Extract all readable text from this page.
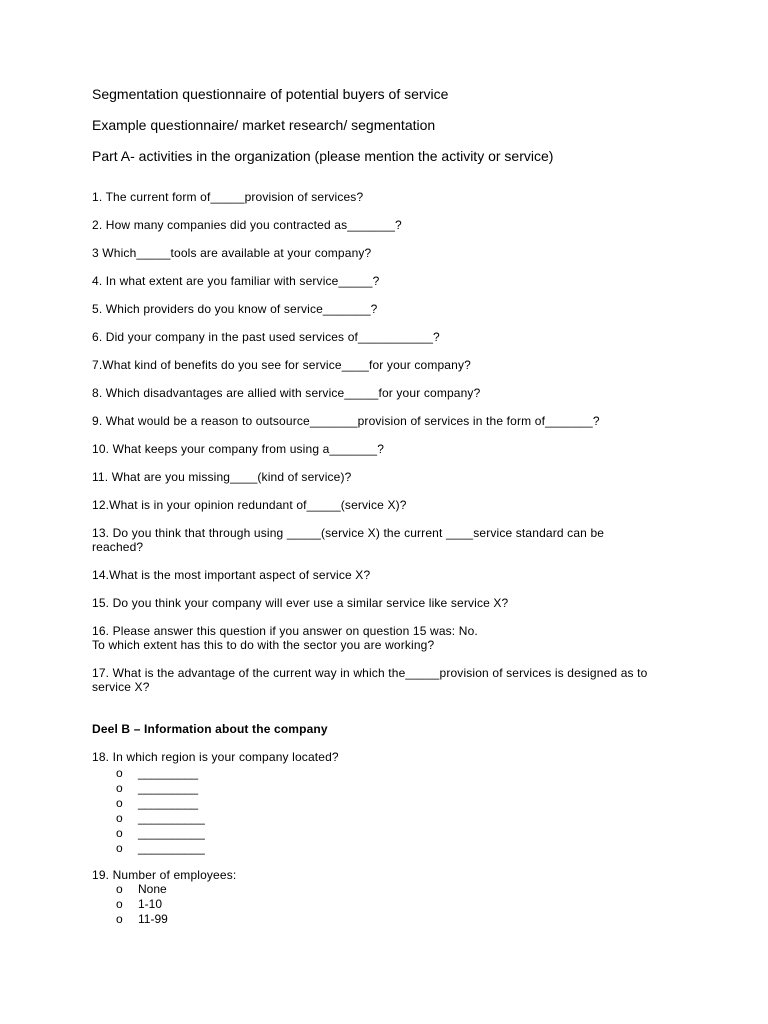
Segmentation questionnaire of potential buyers of service
Example questionnaire/ market research/ segmentation
Part A- activities in the organization (please mention the activity or service)
1. The current form of_____provision of services?
2. How many companies did you contracted as_______?
3 Which_____tools are available at your company?
4. In what extent are you familiar with service_____?
5. Which providers do you know of service_______?
6. Did your company in the past used services of___________?
7.What kind of benefits do you see for service____for your company?
8. Which disadvantages are allied with service_____for your company?
9. What would be a reason to outsource_______provision of services in the form of_______?
10. What keeps your company from using a_______?
11. What are you missing____(kind of service)?
12.What is in your opinion redundant of_____(service X)?
13. Do you think that through using _____(service X) the current ____service standard can be
reached?
14.What is the most important aspect of service X?
15. Do you think your company will ever use a similar service like service X?
16. Please answer this question if you answer on question 15 was: No.
To which extent has this to do with the sector you are working?
17. What is the advantage of the current way in which the_____provision of services is designed as to
service X?
Deel B – Information about the company
18. In which region is your company located?
o _________
o _________
o _________
o __________
o __________
o __________
19. Number of employees:
o None
o 1-10
o 11-99
